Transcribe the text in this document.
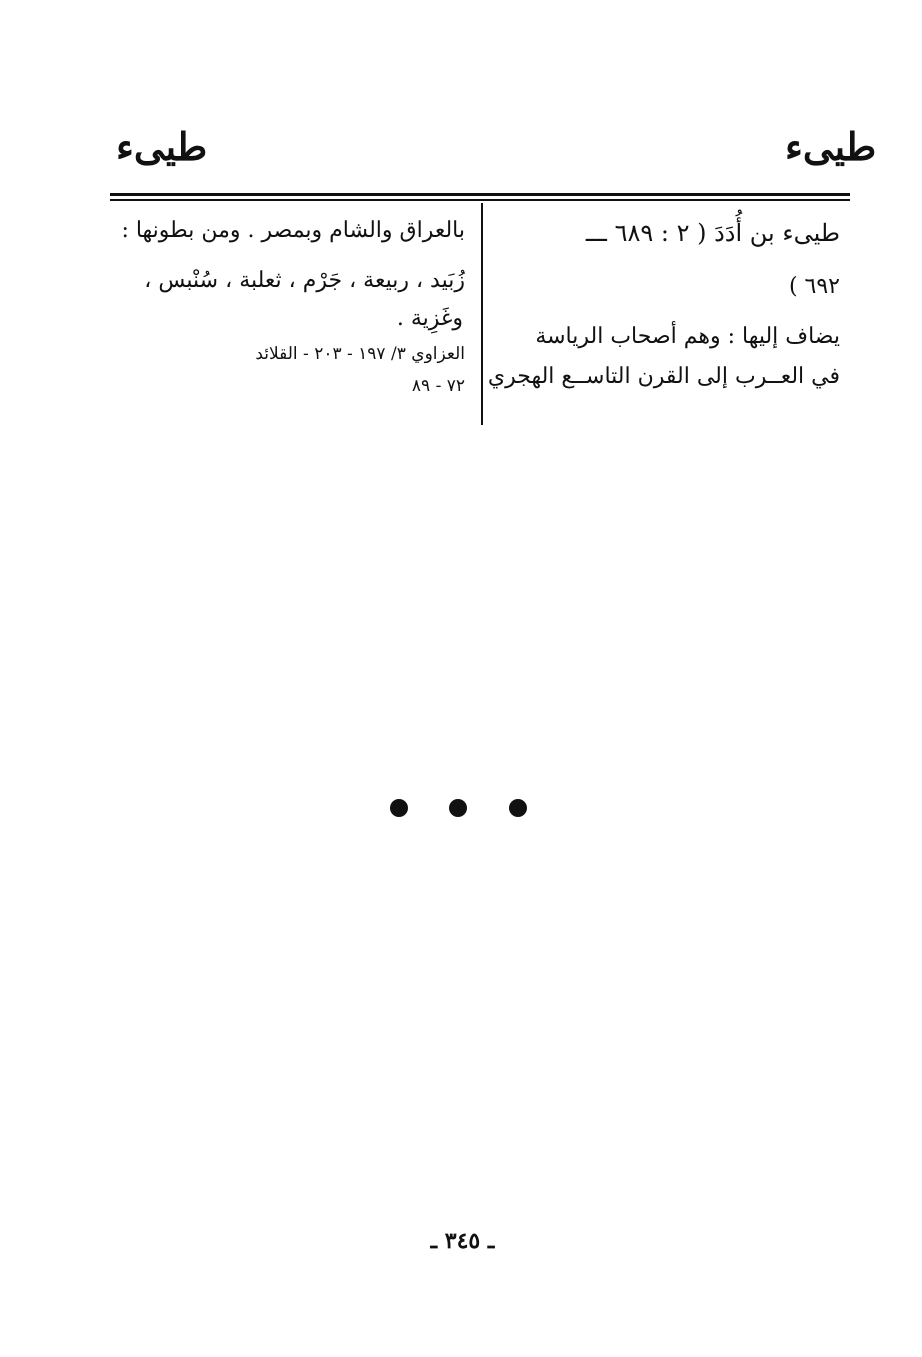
طيىء
طيىء
طيىء بن أُدَدَ ( ٢ : ٦٨٩ ـــ
٦٩٢ )
يضاف إليها : وهم أصحاب الرياسة
في العــرب إلى القرن التاســع الهجري
بالعراق والشام وبمصر . ومن بطونها :
زُبَيد ، ربيعة ، جَرْم ، ثعلبة ، سُنْبس ،
وغَزِية .
العزاوي ٣/ ١٩٧ - ٢٠٣ - القلائد
٧٢ - ٨٩
ـ ٣٤٥ ـ
